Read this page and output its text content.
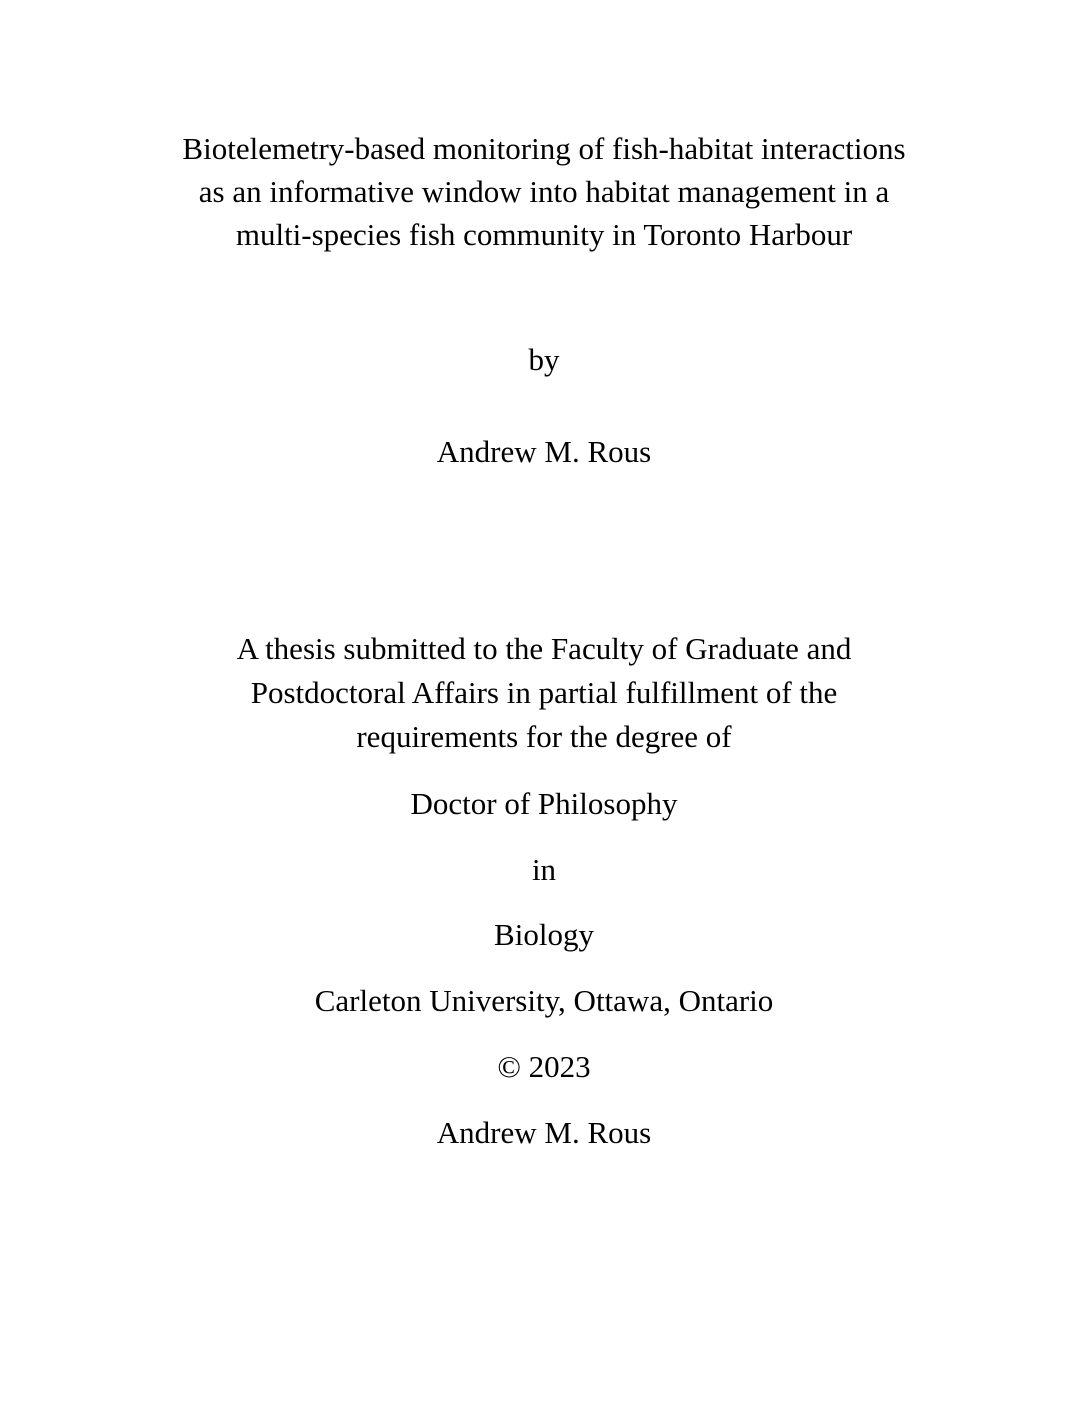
Biotelemetry-based monitoring of fish-habitat interactions
as an informative window into habitat management in a
multi-species fish community in Toronto Harbour
by
Andrew M. Rous
A thesis submitted to the Faculty of Graduate and
Postdoctoral Affairs in partial fulfillment of the
requirements for the degree of
Doctor of Philosophy
in
Biology
Carleton University, Ottawa, Ontario
© 2023
Andrew M. Rous
